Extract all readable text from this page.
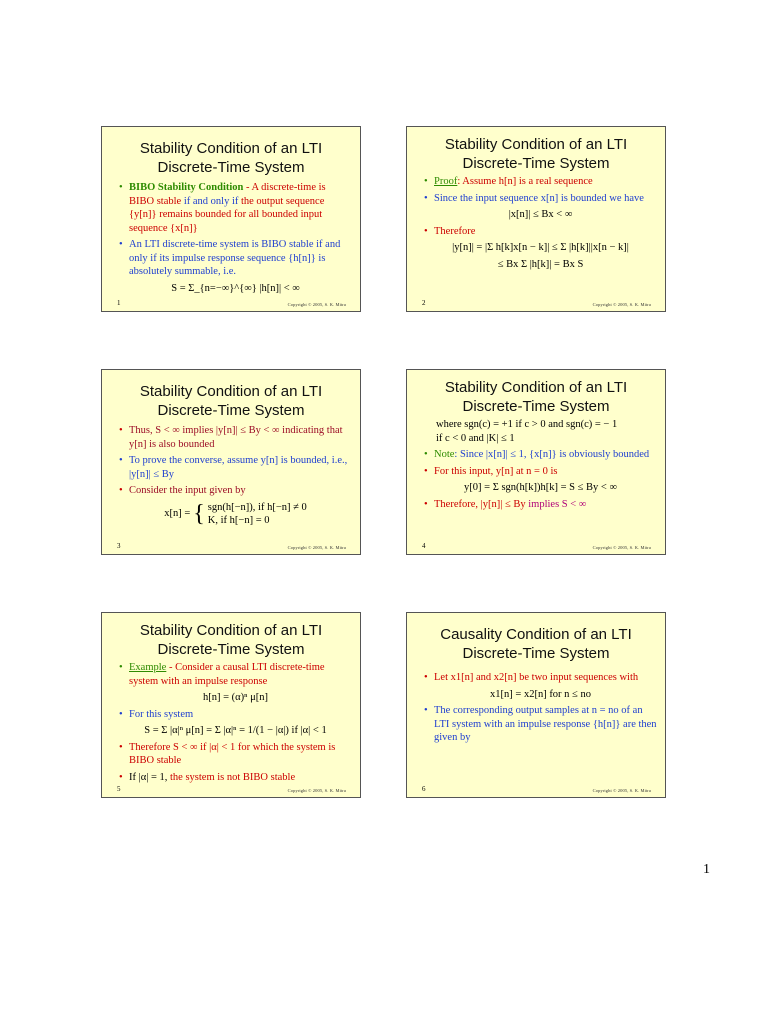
Stability Condition of an LTI
Discrete-Time System
• BIBO Stability Condition - A discrete-time is BIBO stable if and only if the output sequence {y[n]} remains bounded for all bounded input sequence {x[n]}
• An LTI discrete-time system is BIBO stable if and only if its impulse response sequence {h[n]} is absolutely summable, i.e.
S = Σ_{n=−∞}^{∞} |h[n]| < ∞
1	Copyright © 2005, S. K. Mitra
Stability Condition of an LTI
Discrete-Time System
• Proof: Assume h[n] is a real sequence
• Since the input sequence x[n] is bounded we have
|x[n]| ≤ Bx < ∞
• Therefore
|y[n]| = |Σ h[k]x[n − k]| ≤ Σ |h[k]||x[n − k]|
≤ Bx Σ |h[k]| = Bx S
2	Copyright © 2005, S. K. Mitra
Stability Condition of an LTI
Discrete-Time System
• Thus, S < ∞ implies |y[n]| ≤ By < ∞ indicating that y[n] is also bounded
• To prove the converse, assume y[n] is bounded, i.e., |y[n]| ≤ By
• Consider the input given by
x[n] = { sgn(h[−n]), if h[−n] ≠ 0
K, if h[−n] = 0
3	Copyright © 2005, S. K. Mitra
Stability Condition of an LTI
Discrete-Time System
where sgn(c) = +1 if c > 0 and sgn(c) = − 1
if c < 0 and |K| ≤ 1
• Note: Since |x[n]| ≤ 1, {x[n]} is obviously bounded
• For this input, y[n] at n = 0 is
y[0] = Σ sgn(h[k])h[k] = S ≤ By < ∞
• Therefore, |y[n]| ≤ By implies S < ∞
4	Copyright © 2005, S. K. Mitra
Stability Condition of an LTI
Discrete-Time System
• Example - Consider a causal LTI discrete-time system with an impulse response
h[n] = (α)ⁿ μ[n]
• For this system
S = Σ |α|ⁿ μ[n] = Σ |α|ⁿ = 1/(1 − |α|) if |α| < 1
• Therefore S < ∞ if |α| < 1 for which the system is BIBO stable
• If |α| = 1, the system is not BIBO stable
5	Copyright © 2005, S. K. Mitra
Causality Condition of an LTI
Discrete-Time System
• Let x1[n] and x2[n] be two input sequences with
x1[n] = x2[n] for n ≤ no
• The corresponding output samples at n = no of an LTI system with an impulse response {h[n]} are then given by
6	Copyright © 2005, S. K. Mitra
1
